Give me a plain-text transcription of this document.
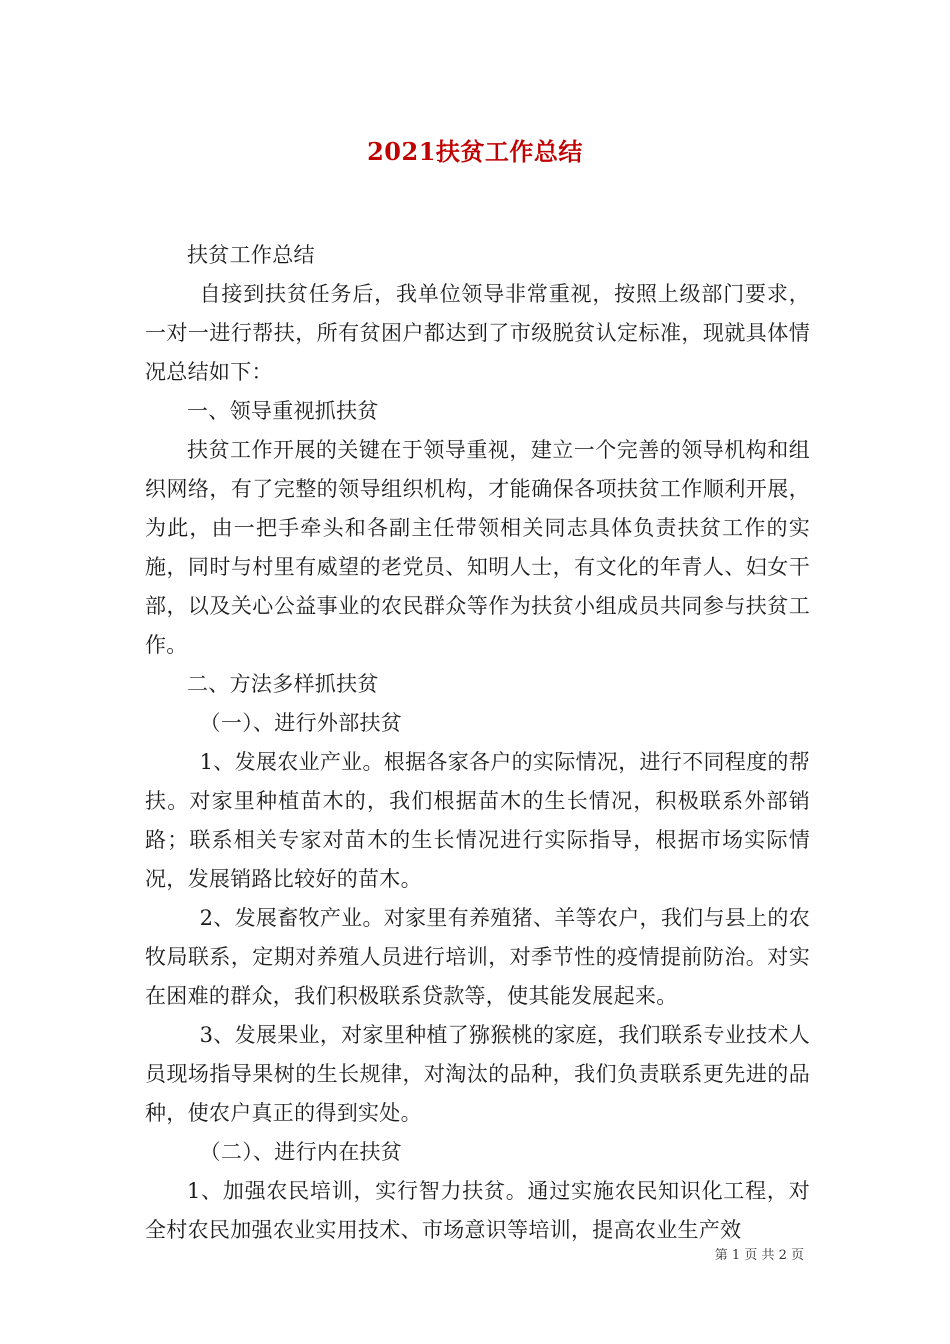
2021扶贫工作总结

扶贫工作总结

自接到扶贫任务后，我单位领导非常重视，按照上级部门要求，一对一进行帮扶，所有贫困户都达到了市级脱贫认定标准，现就具体情况总结如下：

一、领导重视抓扶贫

扶贫工作开展的关键在于领导重视，建立一个完善的领导机构和组织网络，有了完整的领导组织机构，才能确保各项扶贫工作顺利开展，为此，由一把手牵头和各副主任带领相关同志具体负责扶贫工作的实施，同时与村里有威望的老党员、知明人士，有文化的年青人、妇女干部，以及关心公益事业的农民群众等作为扶贫小组成员共同参与扶贫工作。

二、方法多样抓扶贫

（一）、进行外部扶贫

1、发展农业产业。根据各家各户的实际情况，进行不同程度的帮扶。对家里种植苗木的，我们根据苗木的生长情况，积极联系外部销路；联系相关专家对苗木的生长情况进行实际指导，根据市场实际情况，发展销路比较好的苗木。

2、发展畜牧产业。对家里有养殖猪、羊等农户，我们与县上的农牧局联系，定期对养殖人员进行培训，对季节性的疫情提前防治。对实在困难的群众，我们积极联系贷款等，使其能发展起来。

3、发展果业，对家里种植了猕猴桃的家庭，我们联系专业技术人员现场指导果树的生长规律，对淘汰的品种，我们负责联系更先进的品种，使农户真正的得到实处。

（二）、进行内在扶贫

1、加强农民培训，实行智力扶贫。通过实施农民知识化工程，对全村农民加强农业实用技术、市场意识等培训，提高农业生产效

第 1 页 共 2 页
